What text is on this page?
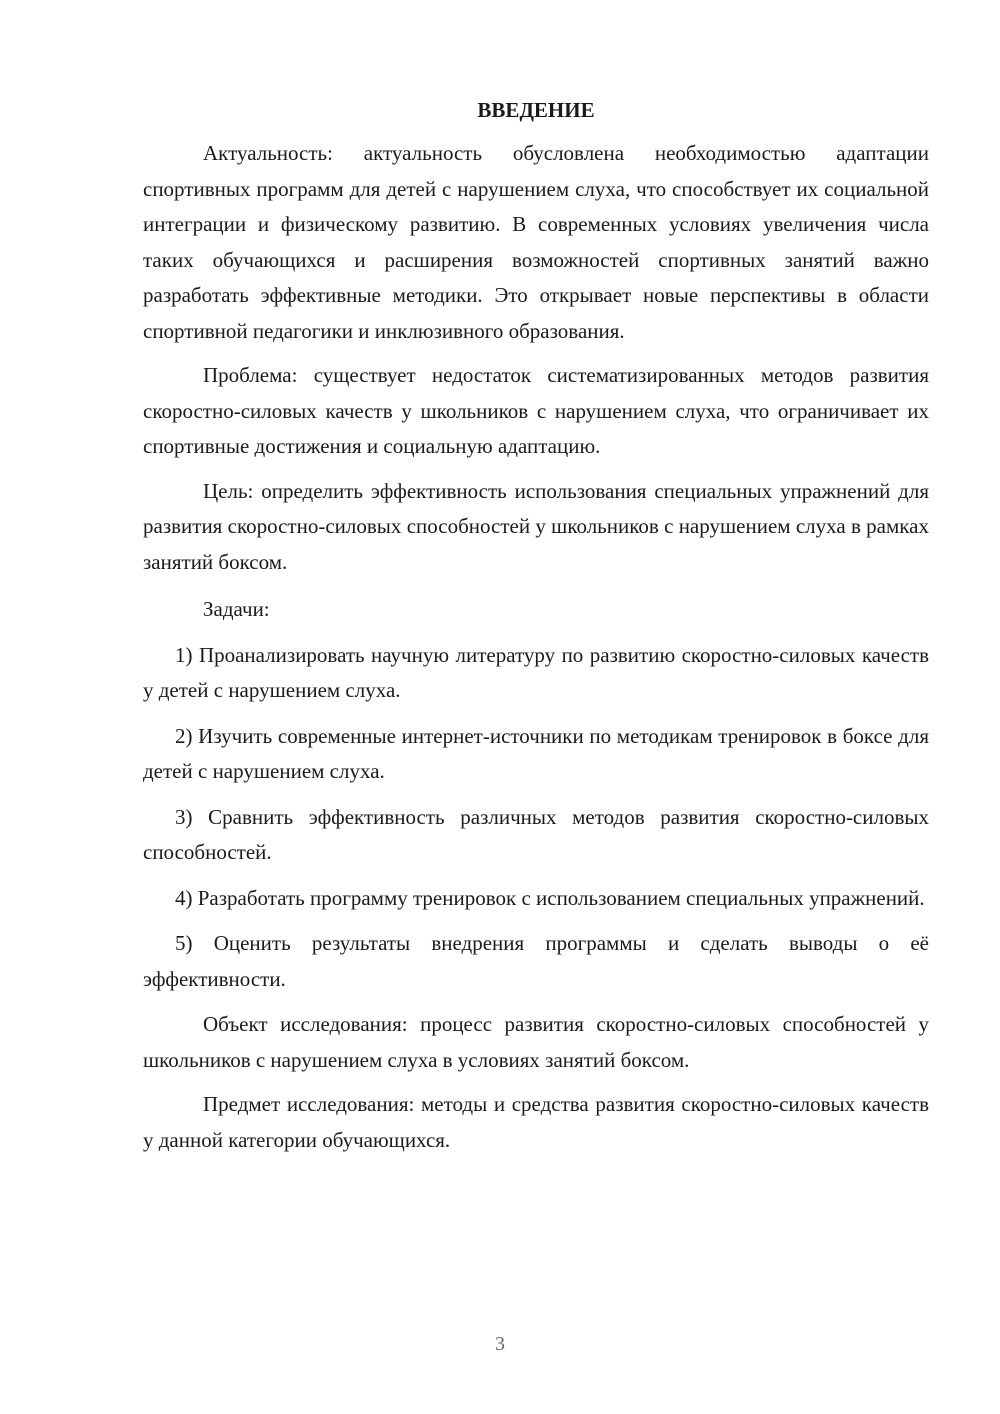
ВВЕДЕНИЕ

Актуальность: актуальность обусловлена необходимостью адаптации спортивных программ для детей с нарушением слуха, что способствует их социальной интеграции и физическому развитию. В современных условиях увеличения числа таких обучающихся и расширения возможностей спортивных занятий важно разработать эффективные методики. Это открывает новые перспективы в области спортивной педагогики и инклюзивного образования.

Проблема: существует недостаток систематизированных методов развития скоростно-силовых качеств у школьников с нарушением слуха, что ограничивает их спортивные достижения и социальную адаптацию.

Цель: определить эффективность использования специальных упражнений для развития скоростно-силовых способностей у школьников с нарушением слуха в рамках занятий боксом.

Задачи:

1) Проанализировать научную литературу по развитию скоростно-силовых качеств у детей с нарушением слуха.

2) Изучить современные интернет-источники по методикам тренировок в боксе для детей с нарушением слуха.

3) Сравнить эффективность различных методов развития скоростно-силовых способностей.

4) Разработать программу тренировок с использованием специальных упражнений.

5) Оценить результаты внедрения программы и сделать выводы о её эффективности.

Объект исследования: процесс развития скоростно-силовых способностей у школьников с нарушением слуха в условиях занятий боксом.

Предмет исследования: методы и средства развития скоростно-силовых качеств у данной категории обучающихся.

3
